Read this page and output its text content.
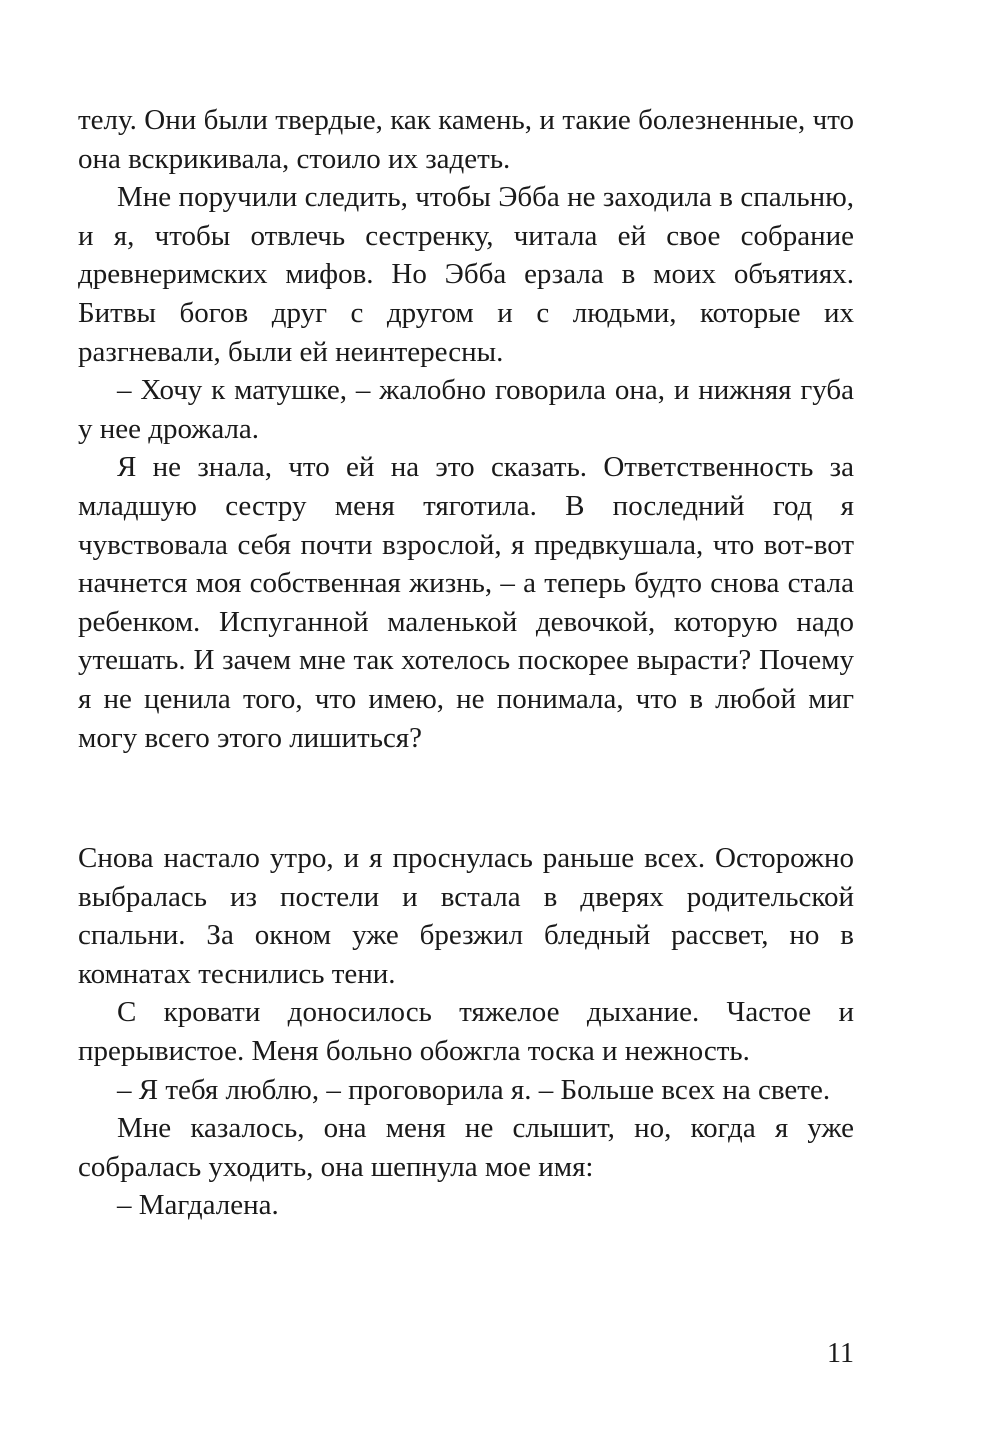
телу. Они были твердые, как камень, и такие болезненные, что она вскрикивала, стоило их задеть.

Мне поручили следить, чтобы Эбба не заходила в спальню, и я, чтобы отвлечь сестренку, читала ей свое собрание древнеримских мифов. Но Эбба ерзала в моих объятиях. Битвы богов друг с другом и с людьми, которые их разгневали, были ей неинтересны.

– Хочу к матушке, – жалобно говорила она, и нижняя губа у нее дрожала.

Я не знала, что ей на это сказать. Ответственность за младшую сестру меня тяготила. В последний год я чувствовала себя почти взрослой, я предвкушала, что вот-вот начнется моя собственная жизнь, – а теперь будто снова стала ребенком. Испуганной маленькой девочкой, которую надо утешать. И зачем мне так хотелось поскорее вырасти? Почему я не ценила того, что имею, не понимала, что в любой миг могу всего этого лишиться?

Снова настало утро, и я проснулась раньше всех. Осторожно выбралась из постели и встала в дверях родительской спальни. За окном уже брезжил бледный рассвет, но в комнатах теснились тени.

С кровати доносилось тяжелое дыхание. Частое и прерывистое. Меня больно обожгла тоска и нежность.

– Я тебя люблю, – проговорила я. – Больше всех на свете.

Мне казалось, она меня не слышит, но, когда я уже собралась уходить, она шепнула мое имя:

– Магдалена.

11
